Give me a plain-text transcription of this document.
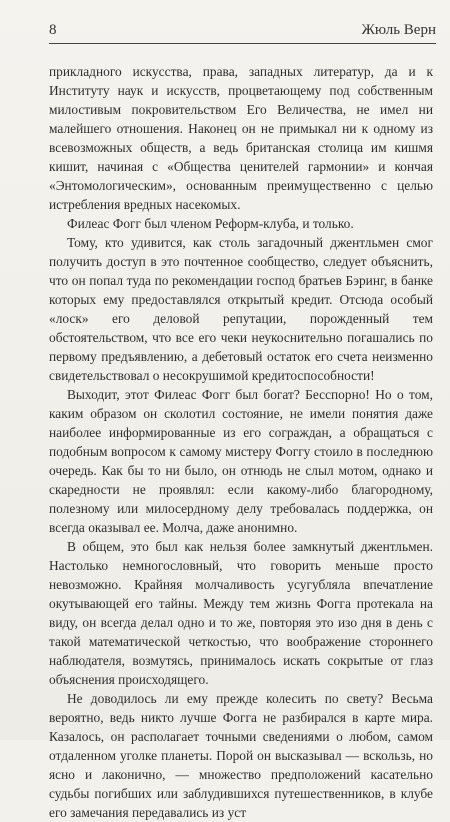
8	Жюль Верн

прикладного искусства, права, западных литератур, да и к Институту наук и искусств, процветающему под собственным милостивым покровительством Его Величества, не имел ни малейшего отношения. Наконец он не примыкал ни к одному из всевозможных обществ, а ведь британская столица им кишмя кишит, начиная с «Общества ценителей гармонии» и кончая «Энтомологическим», основанным преимущественно с целью истребления вредных насекомых.

Филеас Фогг был членом Реформ-клуба, и только.

Тому, кто удивится, как столь загадочный джентльмен смог получить доступ в это почтенное сообщество, следует объяснить, что он попал туда по рекомендации господ братьев Бэринг, в банке которых ему предоставлялся открытый кредит. Отсюда особый «лоск» его деловой репутации, порожденный тем обстоятельством, что все его чеки неукоснительно погашались по первому предъявлению, а дебетовый остаток его счета неизменно свидетельствовал о несокрушимой кредитоспособности!

Выходит, этот Филеас Фогг был богат? Бесспорно! Но о том, каким образом он сколотил состояние, не имели понятия даже наиболее информированные из его сограждан, а обращаться с подобным вопросом к самому мистеру Фоггу стоило в последнюю очередь. Как бы то ни было, он отнюдь не слыл мотом, однако и скаредности не проявлял: если какому-либо благородному, полезному или милосердному делу требовалась поддержка, он всегда оказывал ее. Молча, даже анонимно.

В общем, это был как нельзя более замкнутый джентльмен. Настолько немногословный, что говорить меньше просто невозможно. Крайняя молчаливость усугубляла впечатление окутывающей его тайны. Между тем жизнь Фогга протекала на виду, он всегда делал одно и то же, повторяя это изо дня в день с такой математической четкостью, что воображение стороннего наблюдателя, возмутясь, принималось искать сокрытые от глаз объяснения происходящего.

Не доводилось ли ему прежде колесить по свету? Весьма вероятно, ведь никто лучше Фогга не разбирался в карте мира. Казалось, он располагает точными сведениями о любом, самом отдаленном уголке планеты. Порой он высказывал — вскользь, но ясно и лаконично, — множество предположений касательно судьбы погибших или заблудившихся путешественников, в клубе его замечания передавались из уст
